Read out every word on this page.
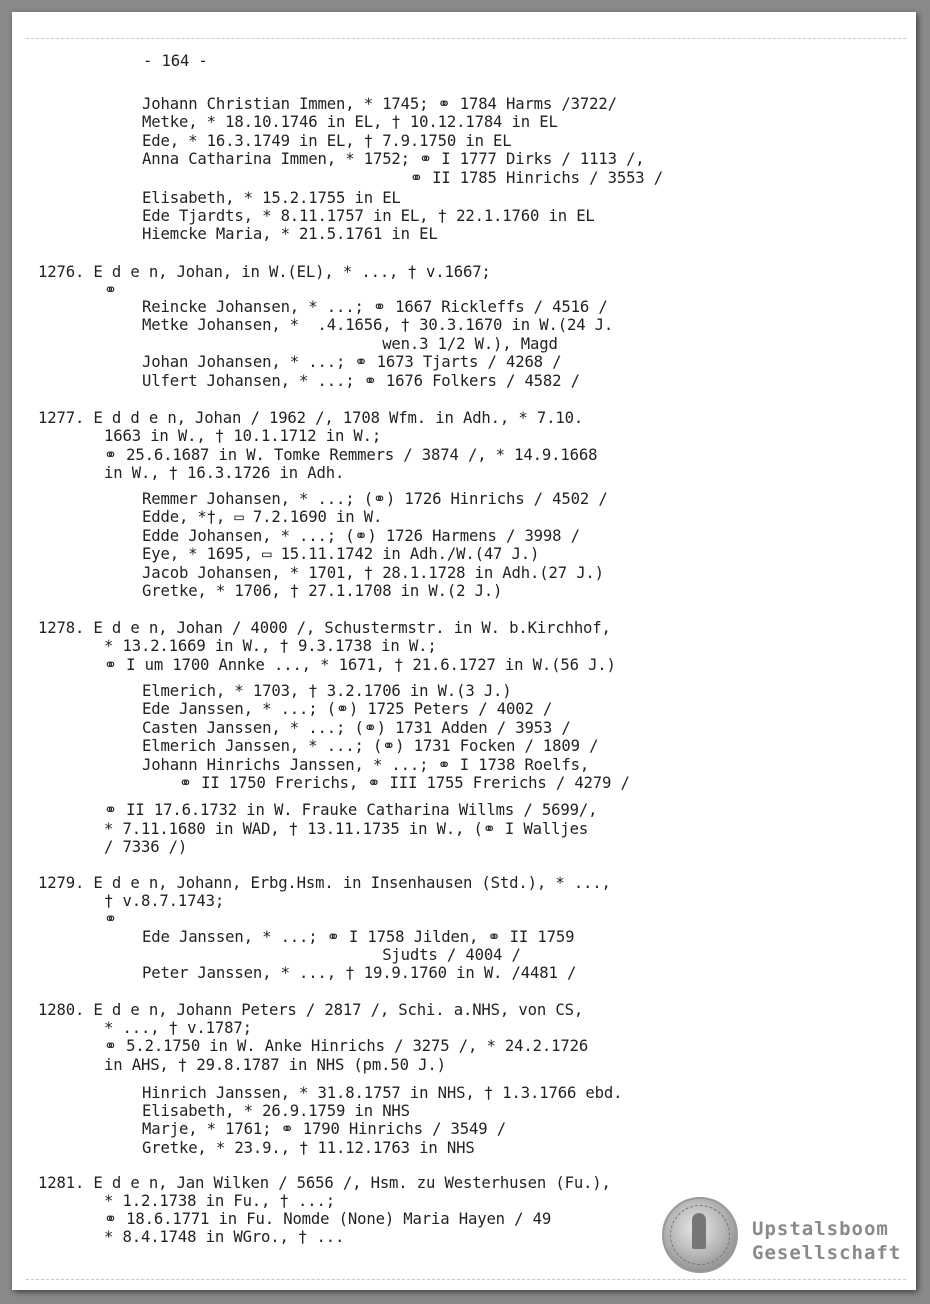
- 164 -
Johann Christian Immen, * 1745; ⚭ 1784 Harms /3722/
Metke, * 18.10.1746 in EL, † 10.12.1784 in EL
Ede, * 16.3.1749 in EL, † 7.9.1750 in EL
Anna Catharina Immen, * 1752; ⚭ I 1777 Dirks / 1113 /,
⚭ II 1785 Hinrichs / 3553 /
Elisabeth, * 15.2.1755 in EL
Ede Tjardts, * 8.11.1757 in EL, † 22.1.1760 in EL
Hiemcke Maria, * 21.5.1761 in EL
1276. E d e n, Johan, in W.(EL), * ..., † v.1667;
⚭
Reincke Johansen, * ...; ⚭ 1667 Rickleffs / 4516 /
Metke Johansen, *  .4.1656, † 30.3.1670 in W.(24 J.
wen.3 1/2 W.), Magd
Johan Johansen, * ...; ⚭ 1673 Tjarts / 4268 /
Ulfert Johansen, * ...; ⚭ 1676 Folkers / 4582 /
1277. E d d e n, Johan / 1962 /, 1708 Wfm. in Adh., * 7.10.
1663 in W., † 10.1.1712 in W.;
⚭ 25.6.1687 in W. Tomke Remmers / 3874 /, * 14.9.1668
in W., † 16.3.1726 in Adh.
Remmer Johansen, * ...; (⚭) 1726 Hinrichs / 4502 /
Edde, *†, ▭ 7.2.1690 in W.
Edde Johansen, * ...; (⚭) 1726 Harmens / 3998 /
Eye, * 1695, ▭ 15.11.1742 in Adh./W.(47 J.)
Jacob Johansen, * 1701, † 28.1.1728 in Adh.(27 J.)
Gretke, * 1706, † 27.1.1708 in W.(2 J.)
1278. E d e n, Johan / 4000 /, Schustermstr. in W. b.Kirchhof,
* 13.2.1669 in W., † 9.3.1738 in W.;
⚭ I um 1700 Annke ..., * 1671, † 21.6.1727 in W.(56 J.)
Elmerich, * 1703, † 3.2.1706 in W.(3 J.)
Ede Janssen, * ...; (⚭) 1725 Peters / 4002 /
Casten Janssen, * ...; (⚭) 1731 Adden / 3953 /
Elmerich Janssen, * ...; (⚭) 1731 Focken / 1809 /
Johann Hinrichs Janssen, * ...; ⚭ I 1738 Roelfs,
⚭ II 1750 Frerichs, ⚭ III 1755 Frerichs / 4279 /
⚭ II 17.6.1732 in W. Frauke Catharina Willms / 5699/,
* 7.11.1680 in WAD, † 13.11.1735 in W., (⚭ I Walljes
/ 7336 /)
1279. E d e n, Johann, Erbg.Hsm. in Insenhausen (Std.), * ...,
† v.8.7.1743;
⚭
Ede Janssen, * ...; ⚭ I 1758 Jilden, ⚭ II 1759
Sjudts / 4004 /
Peter Janssen, * ..., † 19.9.1760 in W. /4481 /
1280. E d e n, Johann Peters / 2817 /, Schi. a.NHS, von CS,
* ..., † v.1787;
⚭ 5.2.1750 in W. Anke Hinrichs / 3275 /, * 24.2.1726
in AHS, † 29.8.1787 in NHS (pm.50 J.)
Hinrich Janssen, * 31.8.1757 in NHS, † 1.3.1766 ebd.
Elisabeth, * 26.9.1759 in NHS
Marje, * 1761; ⚭ 1790 Hinrichs / 3549 /
Gretke, * 23.9., † 11.12.1763 in NHS
1281. E d e n, Jan Wilken / 5656 /, Hsm. zu Westerhusen (Fu.),
* 1.2.1738 in Fu., † ...;
⚭ 18.6.1771 in Fu. Nomde (None) Maria Hayen / 49
* 8.4.1748 in WGro., † ...	Upstalsboom
Gesellschaft
